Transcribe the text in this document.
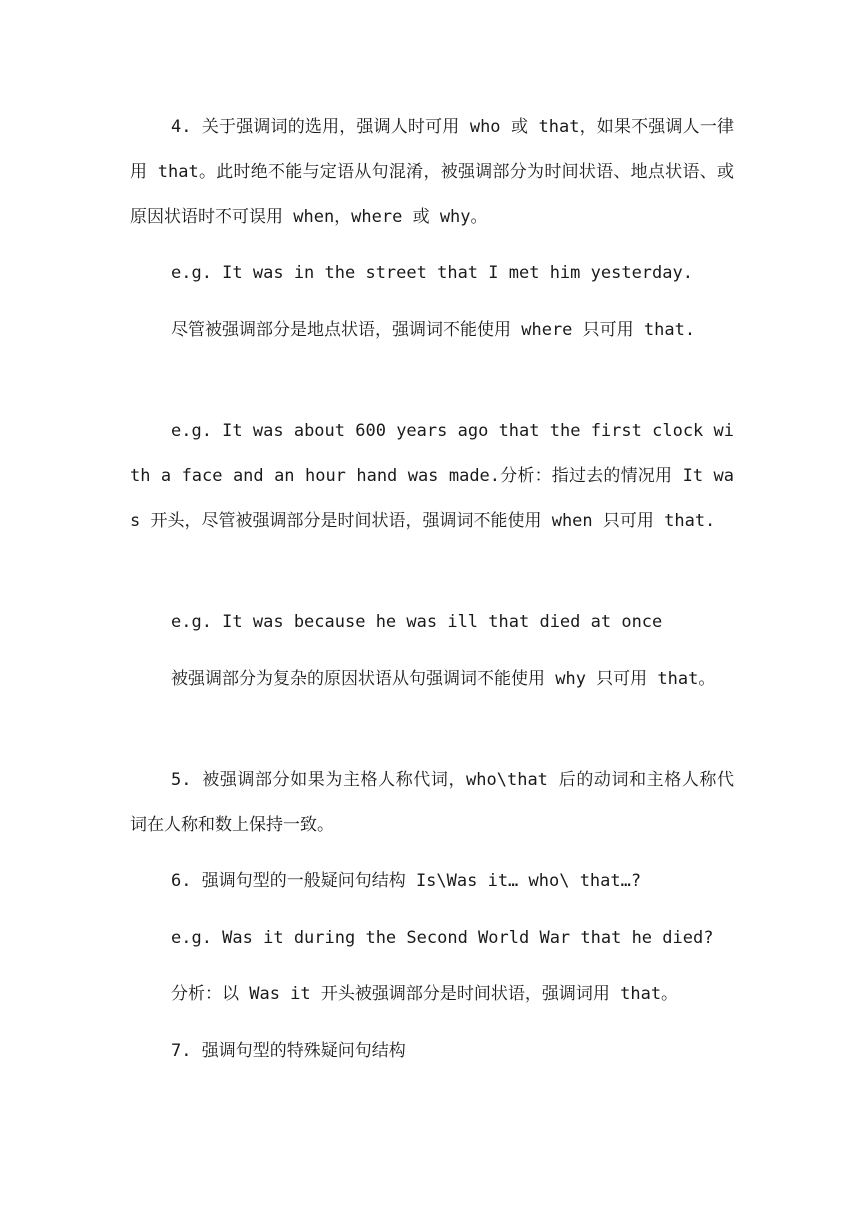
4. 关于强调词的选用，强调人时可用 who 或 that，如果不强调人一律用 that。此时绝不能与定语从句混淆，被强调部分为时间状语、地点状语、或原因状语时不可误用 when，where 或 why。

e.g. It was in the street that I met him yesterday.

尽管被强调部分是地点状语，强调词不能使用 where 只可用 that.

e.g. It was about 600 years ago that the first clock with a face and an hour hand was made.分析：指过去的情况用 It was 开头，尽管被强调部分是时间状语，强调词不能使用 when 只可用 that.

e.g. It was because he was ill that died at once

被强调部分为复杂的原因状语从句强调词不能使用 why 只可用 that。

5. 被强调部分如果为主格人称代词，who\that 后的动词和主格人称代词在人称和数上保持一致。

6. 强调句型的一般疑问句结构 Is\Was it… who\ that…?

e.g. Was it during the Second World War that he died?

分析：以 Was it 开头被强调部分是时间状语，强调词用 that。

7. 强调句型的特殊疑问句结构
